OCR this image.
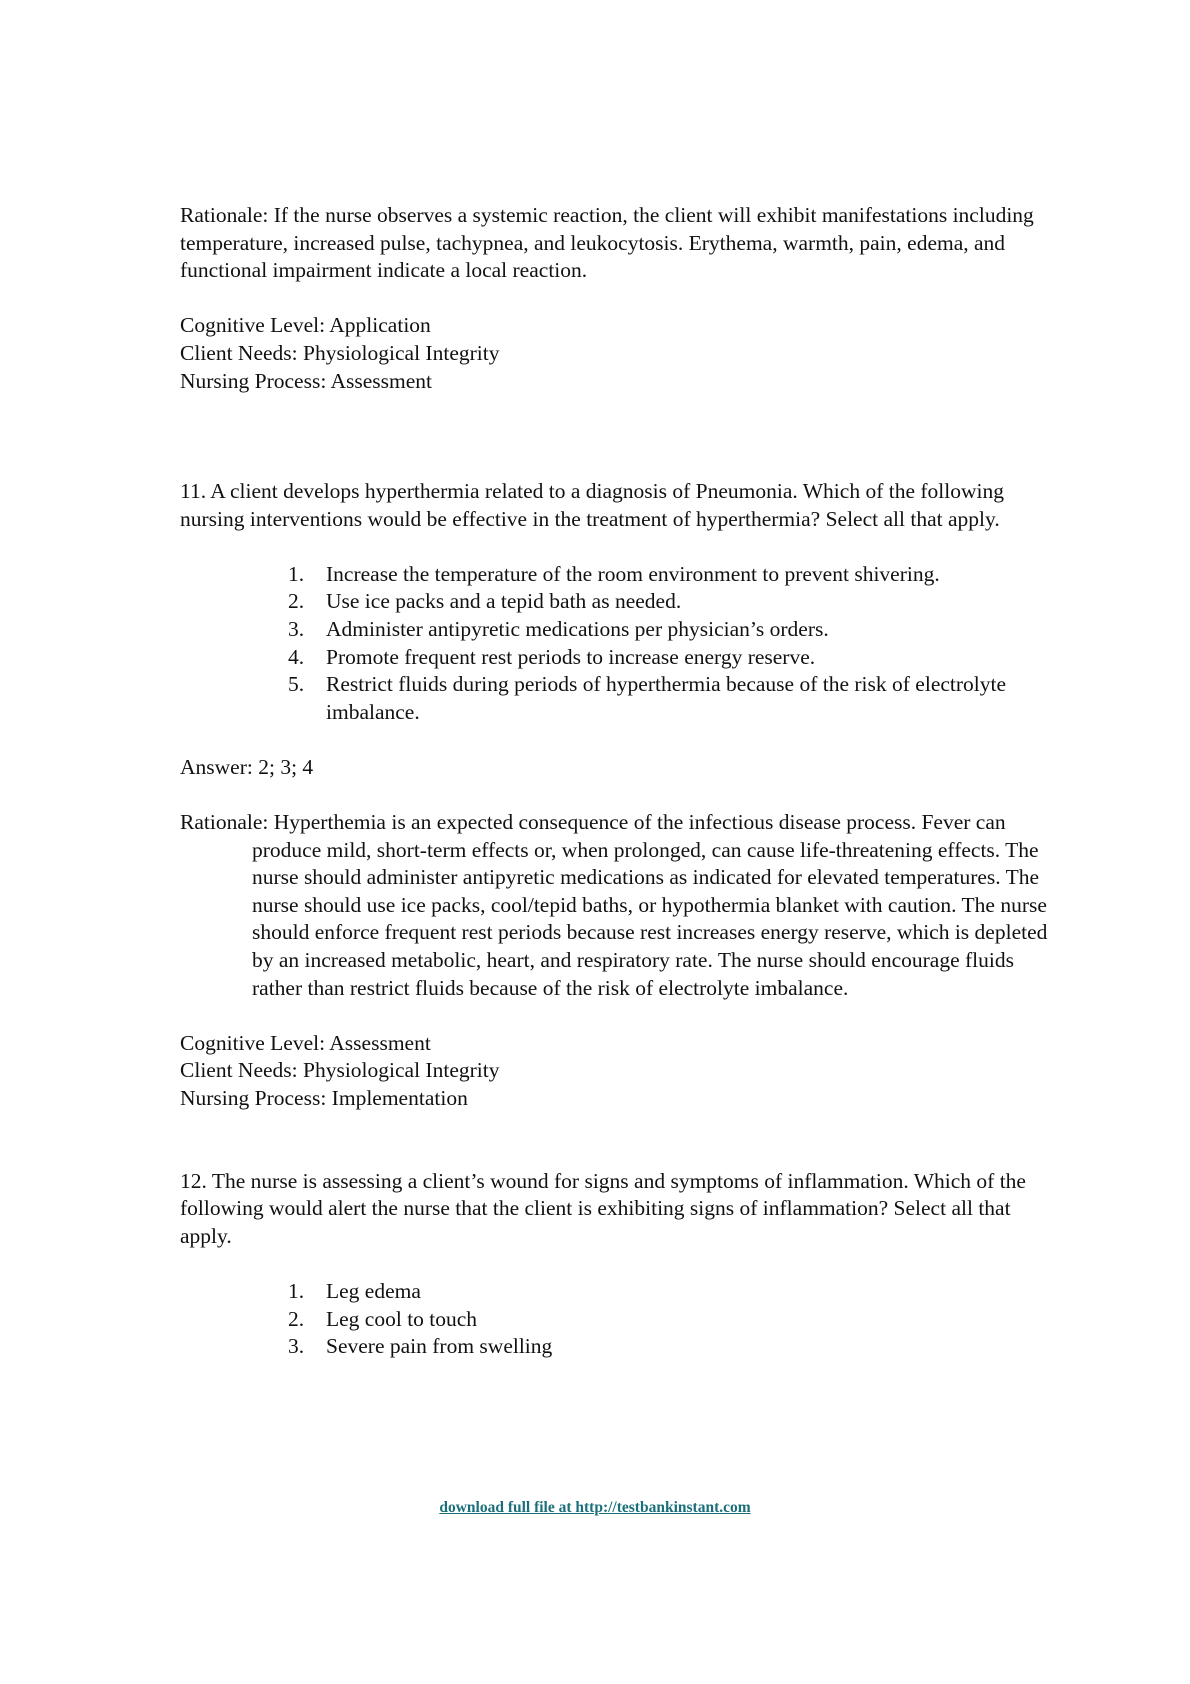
Rationale: If the nurse observes a systemic reaction, the client will exhibit manifestations including temperature, increased pulse, tachypnea, and leukocytosis. Erythema, warmth, pain, edema, and functional impairment indicate a local reaction.

Cognitive Level: Application

Client Needs: Physiological Integrity

Nursing Process: Assessment

11. A client develops hyperthermia related to a diagnosis of Pneumonia. Which of the following nursing interventions would be effective in the treatment of hyperthermia? Select all that apply.

1.	Increase the temperature of the room environment to prevent shivering.
2.	Use ice packs and a tepid bath as needed.
3.	Administer antipyretic medications per physician’s orders.
4.	Promote frequent rest periods to increase energy reserve.
5.	Restrict fluids during periods of hyperthermia because of the risk of electrolyte imbalance.

Answer: 2; 3; 4

Rationale: Hyperthemia is an expected consequence of the infectious disease process. Fever can produce mild, short-term effects or, when prolonged, can cause life-threatening effects. The nurse should administer antipyretic medications as indicated for elevated temperatures. The nurse should use ice packs, cool/tepid baths, or hypothermia blanket with caution. The nurse should enforce frequent rest periods because rest increases energy reserve, which is depleted by an increased metabolic, heart, and respiratory rate. The nurse should encourage fluids rather than restrict fluids because of the risk of electrolyte imbalance.

Cognitive Level: Assessment

Client Needs: Physiological Integrity

Nursing Process: Implementation

12. The nurse is assessing a client’s wound for signs and symptoms of inflammation. Which of the following would alert the nurse that the client is exhibiting signs of inflammation? Select all that apply.

1.	Leg edema
2.	Leg cool to touch
3.	Severe pain from swelling
download full file at http://testbankinstant.com
